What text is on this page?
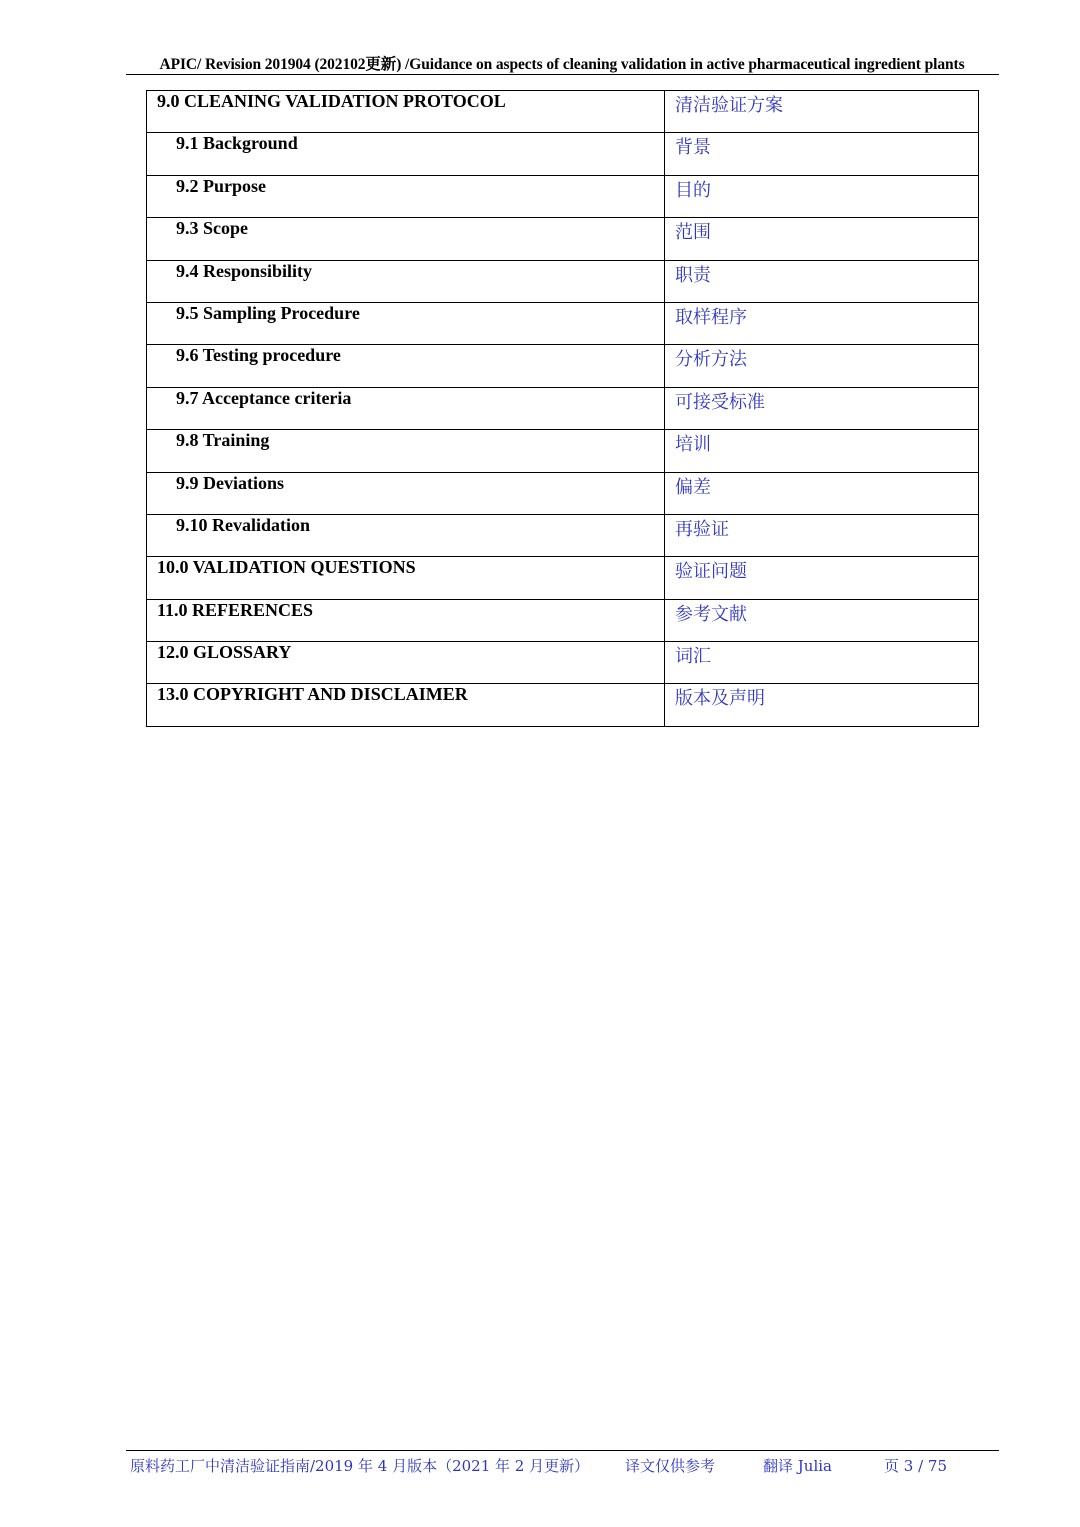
APIC/ Revision 201904 (202102更新) /Guidance on aspects of cleaning validation in active pharmaceutical ingredient plants
9.0 CLEANING VALIDATION PROTOCOL	清洁验证方案
9.1 Background	背景
9.2 Purpose	目的
9.3 Scope	范围
9.4 Responsibility	职责
9.5 Sampling Procedure	取样程序
9.6 Testing procedure	分析方法
9.7 Acceptance criteria	可接受标准
9.8 Training	培训
9.9 Deviations	偏差
9.10 Revalidation	再验证
10.0 VALIDATION QUESTIONS	验证问题
11.0 REFERENCES	参考文献
12.0 GLOSSARY	词汇
13.0 COPYRIGHT AND DISCLAIMER	版本及声明
原料药工厂中清洁验证指南/2019 年 4 月版本（2021 年 2 月更新） 译文仅供参考	翻译 Julia	页 3 / 75
